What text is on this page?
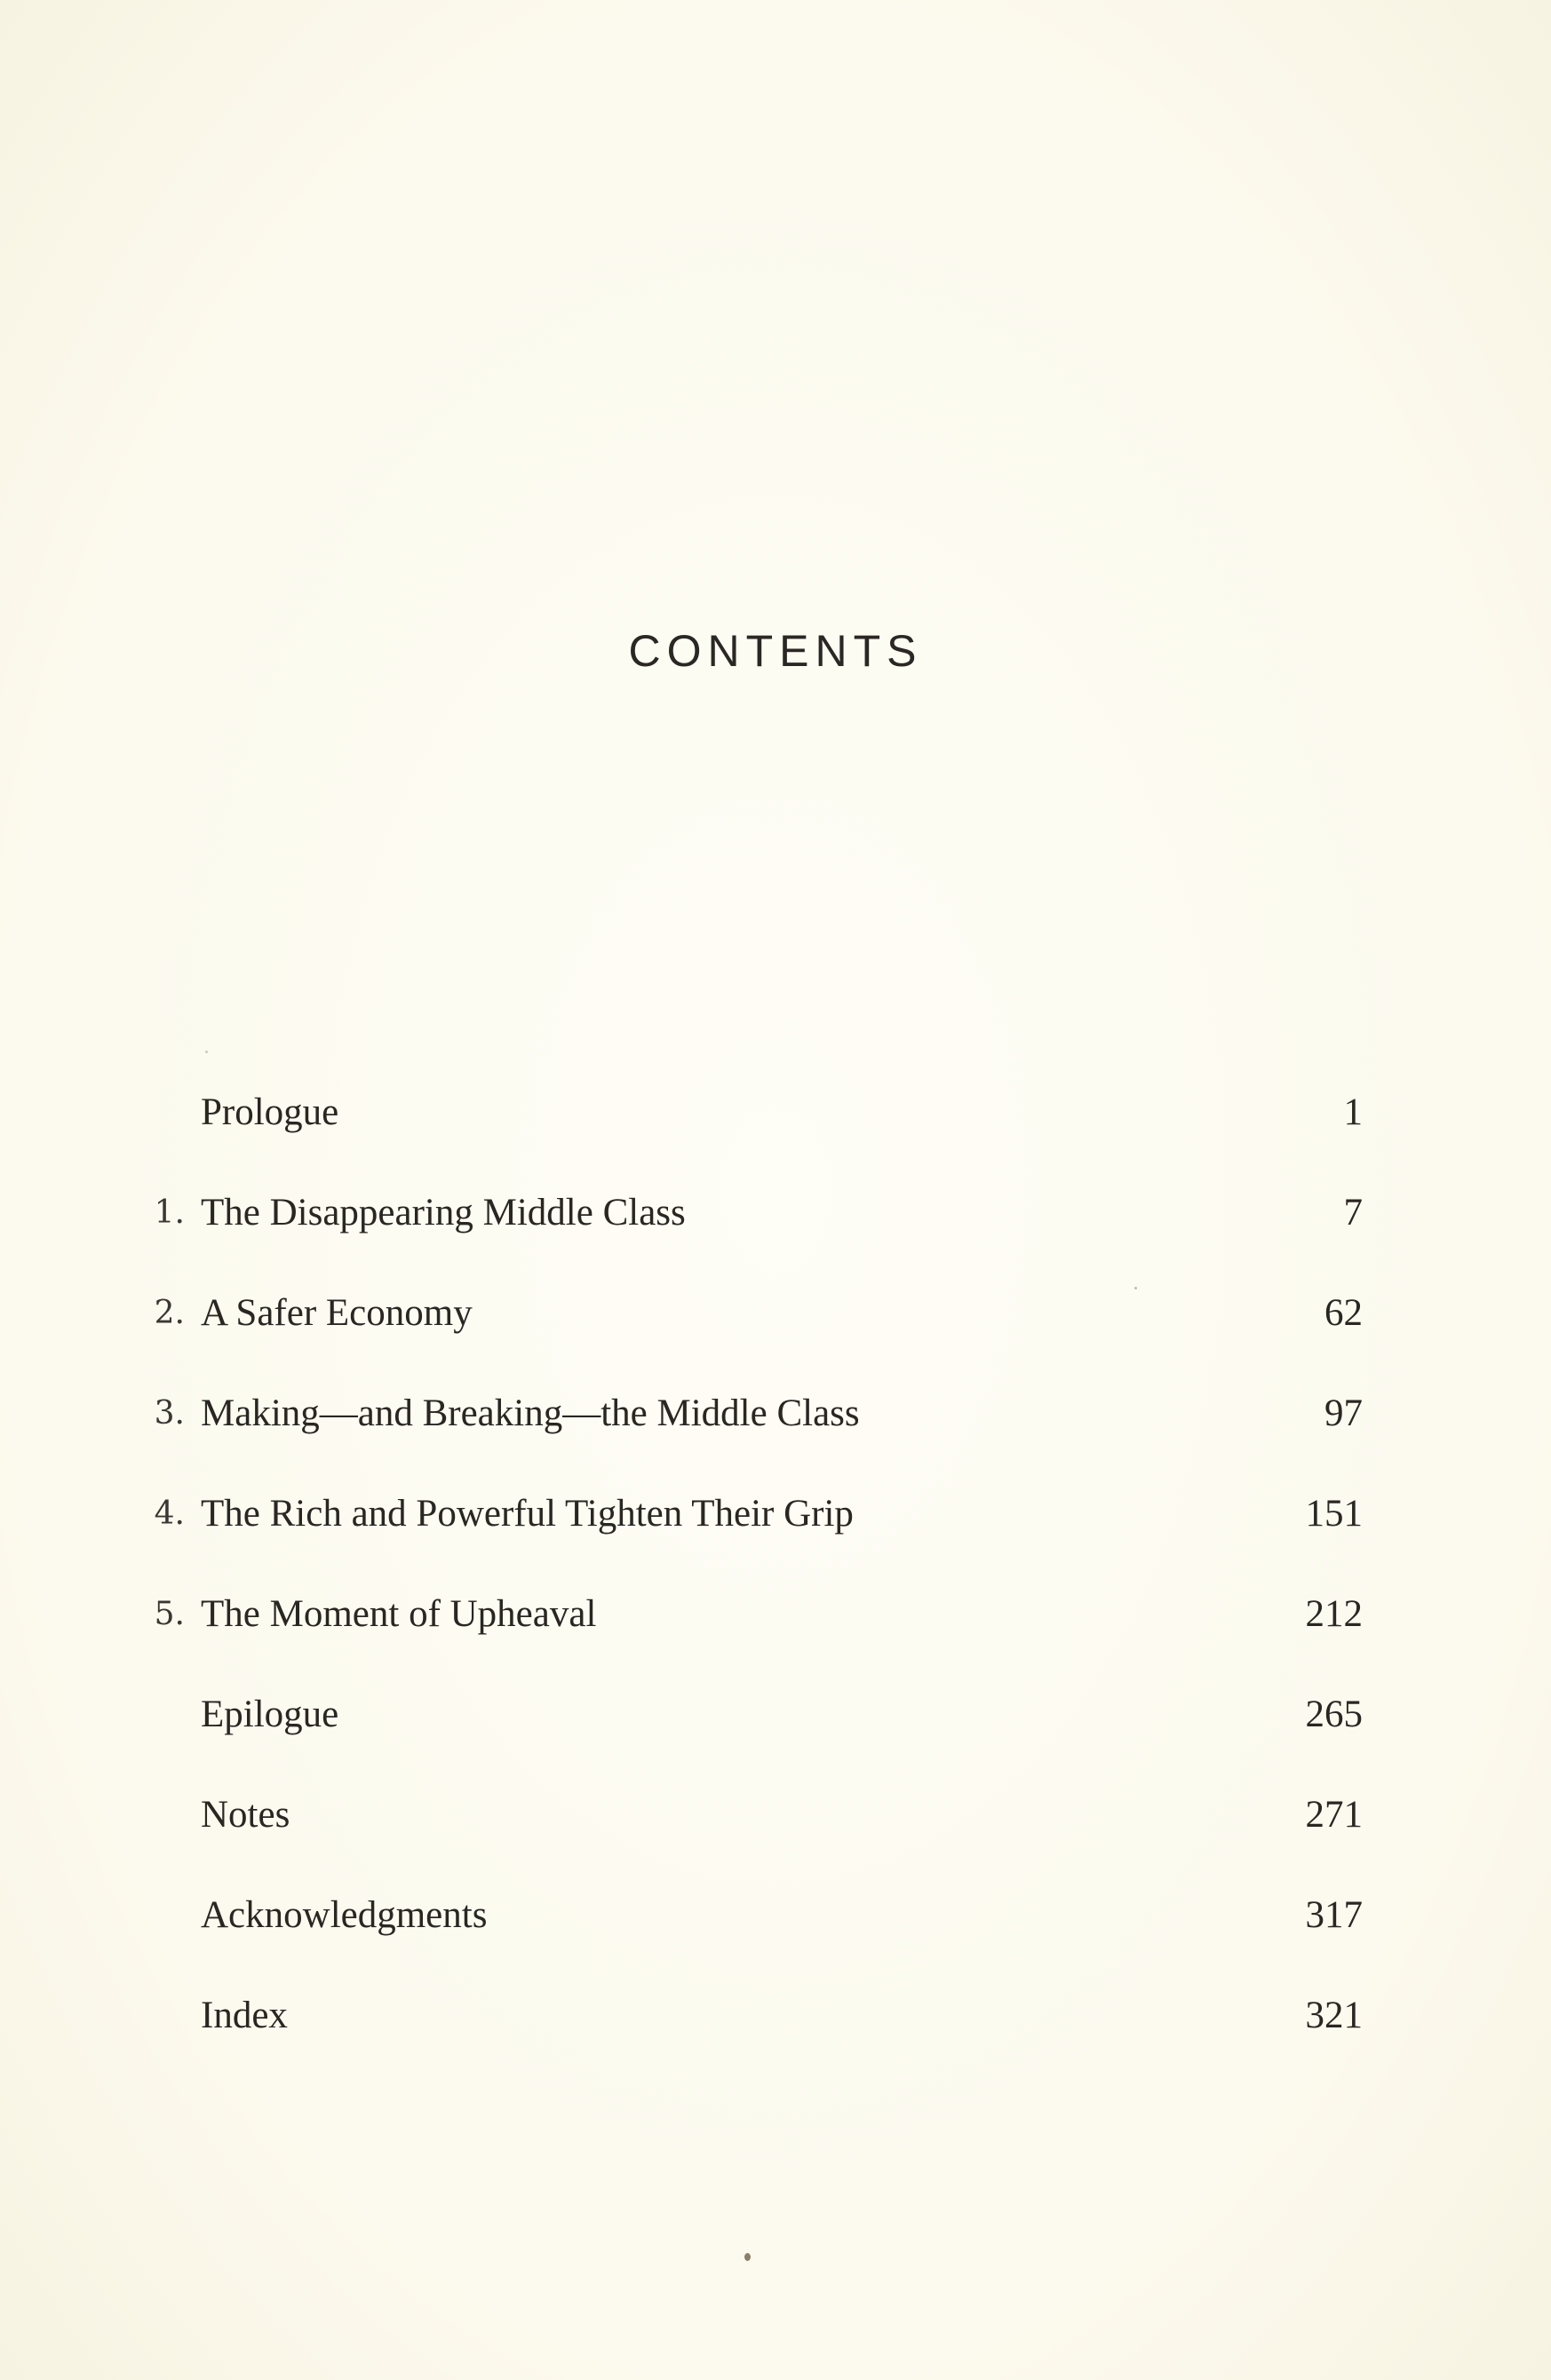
CONTENTS
Prologue	1
1. The Disappearing Middle Class	7
2. A Safer Economy	62
3. Making—and Breaking—the Middle Class	97
4. The Rich and Powerful Tighten Their Grip	151
5. The Moment of Upheaval	212
Epilogue	265
Notes	271
Acknowledgments	317
Index	321
